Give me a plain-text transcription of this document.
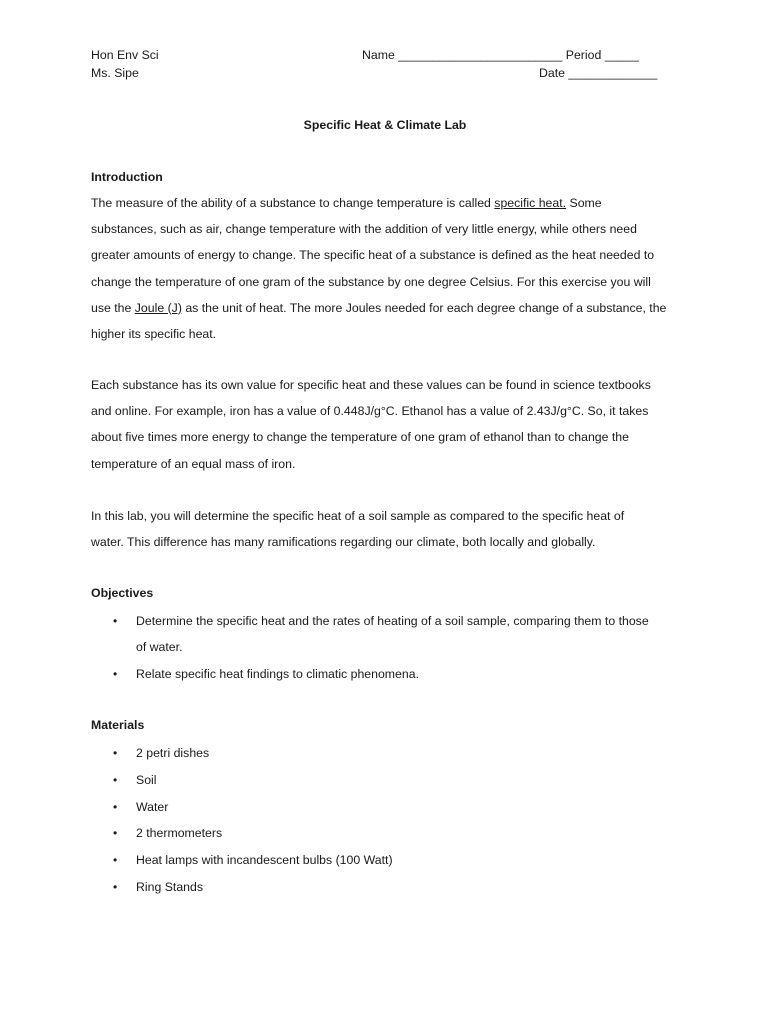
Hon Env Sci
Ms. Sipe
Name ________________________ Period _____
Date _____________
Specific Heat & Climate Lab
Introduction
The measure of the ability of a substance to change temperature is called specific heat. Some
substances, such as air, change temperature with the addition of very little energy, while others need
greater amounts of energy to change. The specific heat of a substance is defined as the heat needed to
change the temperature of one gram of the substance by one degree Celsius. For this exercise you will
use the Joule (J) as the unit of heat. The more Joules needed for each degree change of a substance, the
higher its specific heat.
Each substance has its own value for specific heat and these values can be found in science textbooks
and online. For example, iron has a value of 0.448J/g°C. Ethanol has a value of 2.43J/g°C. So, it takes
about five times more energy to change the temperature of one gram of ethanol than to change the
temperature of an equal mass of iron.
In this lab, you will determine the specific heat of a soil sample as compared to the specific heat of
water. This difference has many ramifications regarding our climate, both locally and globally.
Objectives
• Determine the specific heat and the rates of heating of a soil sample, comparing them to those
of water.
• Relate specific heat findings to climatic phenomena.
Materials
• 2 petri dishes
• Soil
• Water
• 2 thermometers
• Heat lamps with incandescent bulbs (100 Watt)
• Ring Stands
